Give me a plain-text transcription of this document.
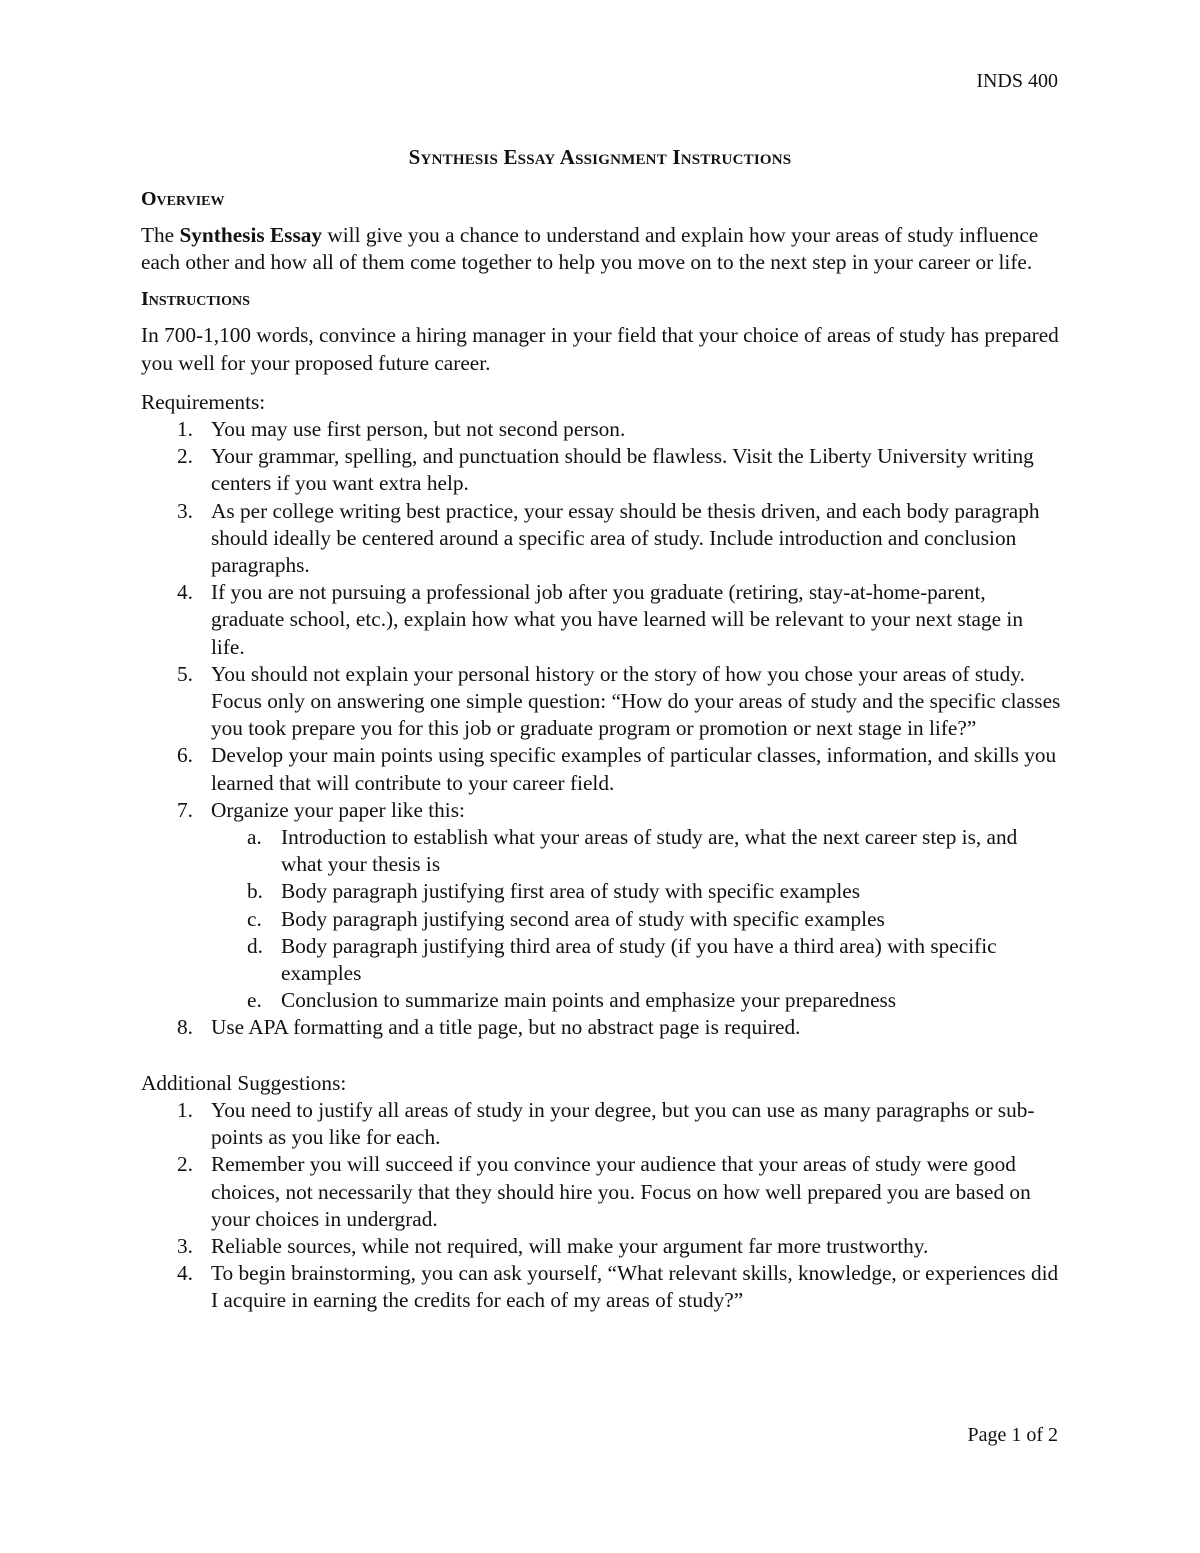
INDS 400
Synthesis Essay Assignment Instructions
Overview

The Synthesis Essay will give you a chance to understand and explain how your areas of study influence each other and how all of them come together to help you move on to the next step in your career or life.

Instructions

In 700-1,100 words, convince a hiring manager in your field that your choice of areas of study has prepared you well for your proposed future career.

Requirements:
1. You may use first person, but not second person.
2. Your grammar, spelling, and punctuation should be flawless. Visit the Liberty University writing centers if you want extra help.
3. As per college writing best practice, your essay should be thesis driven, and each body paragraph should ideally be centered around a specific area of study. Include introduction and conclusion paragraphs.
4. If you are not pursuing a professional job after you graduate (retiring, stay-at-home-parent, graduate school, etc.), explain how what you have learned will be relevant to your next stage in life.
5. You should not explain your personal history or the story of how you chose your areas of study. Focus only on answering one simple question: “How do your areas of study and the specific classes you took prepare you for this job or graduate program or promotion or next stage in life?”
6. Develop your main points using specific examples of particular classes, information, and skills you learned that will contribute to your career field.
7. Organize your paper like this:
a. Introduction to establish what your areas of study are, what the next career step is, and what your thesis is
b. Body paragraph justifying first area of study with specific examples
c. Body paragraph justifying second area of study with specific examples
d. Body paragraph justifying third area of study (if you have a third area) with specific examples
e. Conclusion to summarize main points and emphasize your preparedness
8. Use APA formatting and a title page, but no abstract page is required.
Additional Suggestions:
1. You need to justify all areas of study in your degree, but you can use as many paragraphs or sub-points as you like for each.
2. Remember you will succeed if you convince your audience that your areas of study were good choices, not necessarily that they should hire you. Focus on how well prepared you are based on your choices in undergrad.
3. Reliable sources, while not required, will make your argument far more trustworthy.
4. To begin brainstorming, you can ask yourself, “What relevant skills, knowledge, or experiences did I acquire in earning the credits for each of my areas of study?”
Page 1 of 2
